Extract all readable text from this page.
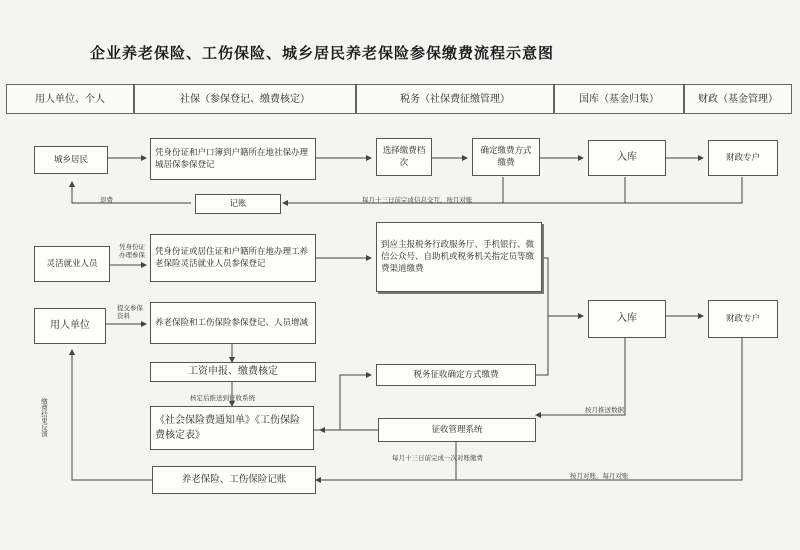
企业养老保险、工伤保险、城乡居民养老保险参保缴费流程示意图
用人单位、个人	社保（参保登记、缴费核定）	税务（社保费征缴管理）	国库（基金归集）	财政（基金管理）
城乡居民
凭身份证和户口簿到户籍所在地社保办理城居保参保登记
选择缴费档次
确定缴费方式缴费	入库	财政专户
记账
退费	每月十三日前完成信息交互，按月对账
灵活就业人员
凭身份证
办理参保	凭身份证或居住证和户籍所在地办理工养老保险灵活就业人员参保登记
到应主报税务行政服务厅、手机银行、微信公众号、自助机或税务机关指定员等缴费渠道缴费
入库	财政专户
用人单位
提交参保资料
养老保险和工伤保险参保登记、人员增减
工资申报、缴费核定
核定后推送到征收系统
《社会保险费通知单》《工伤保险费核定表》
税务征收确定方式缴费
按月推送数据
征收管理系统
每月十三日前完成一次对账缴费
按月对账，每月对账
养老保险、工伤保险记账
缴费结果反馈
